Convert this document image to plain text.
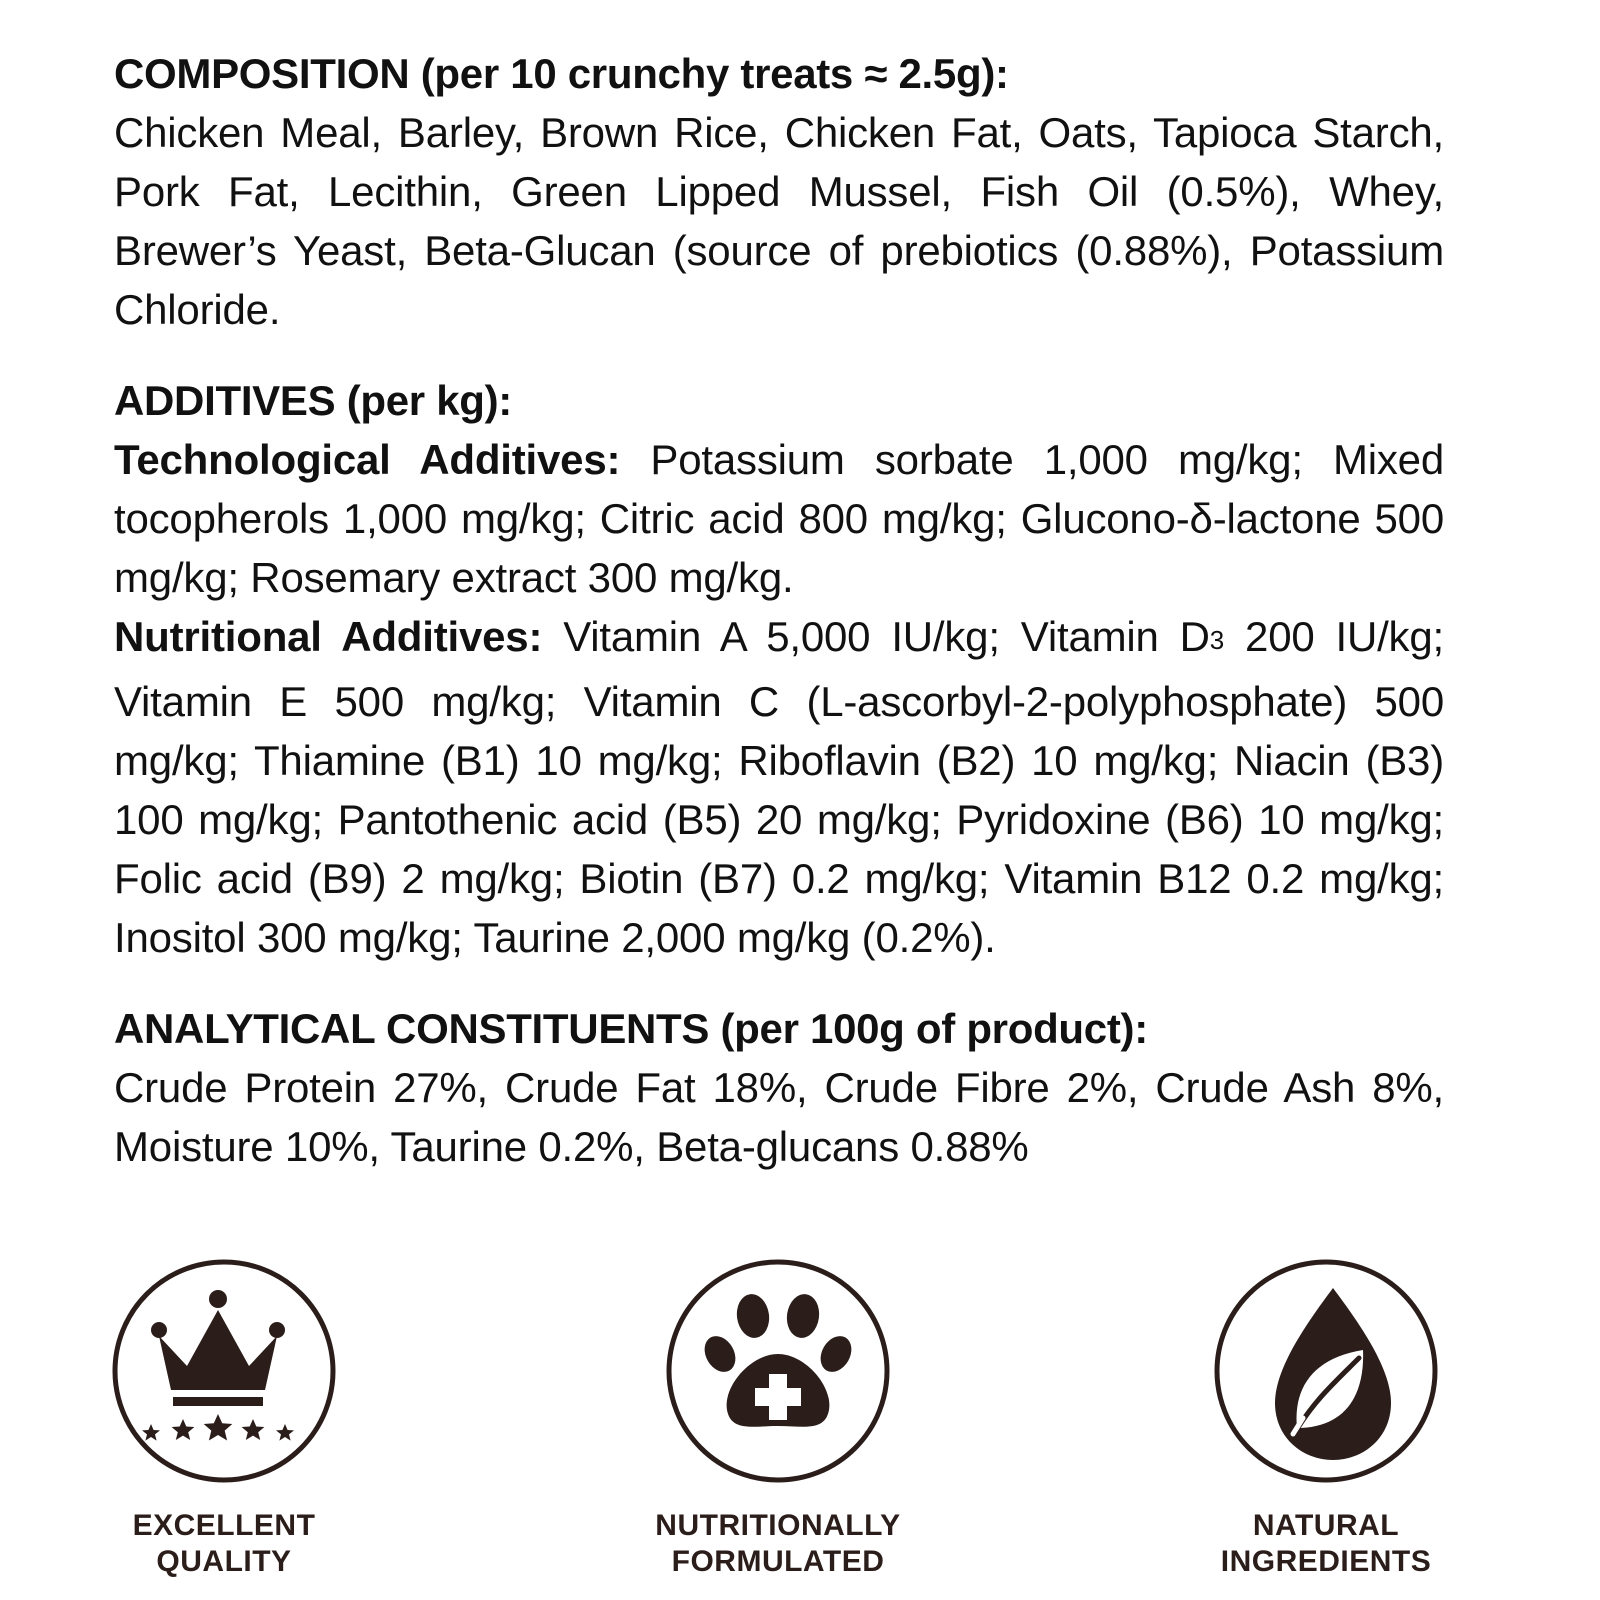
COMPOSITION (per 10 crunchy treats ≈ 2.5g):

Chicken Meal, Barley, Brown Rice, Chicken Fat, Oats, Tapioca Starch, Pork Fat, Lecithin, Green Lipped Mussel, Fish Oil (0.5%), Whey, Brewer’s Yeast, Beta-Glucan (source of prebiotics (0.88%), Potassium Chloride.

ADDITIVES (per kg):

Technological Additives: Potassium sorbate 1,000 mg/kg; Mixed tocopherols 1,000 mg/kg; Citric acid 800 mg/kg; Glucono-δ-lactone 500 mg/kg; Rosemary extract 300 mg/kg.

Nutritional Additives: Vitamin A 5,000 IU/kg; Vitamin $D_3$ 200 IU/kg; Vitamin E 500 mg/kg; Vitamin C (L-ascorbyl-2-polyphosphate) 500 mg/kg; Thiamine (B1) 10 mg/kg; Riboflavin (B2) 10 mg/kg; Niacin (B3) 100 mg/kg; Pantothenic acid (B5) 20 mg/kg; Pyridoxine (B6) 10 mg/kg; Folic acid (B9) 2 mg/kg; Biotin (B7) 0.2 mg/kg; Vitamin B12 0.2 mg/kg; Inositol 300 mg/kg; Taurine 2,000 mg/kg (0.2%).

ANALYTICAL CONSTITUENTS (per 100g of product):

Crude Protein 27%, Crude Fat 18%, Crude Fibre 2%, Crude Ash 8%, Moisture 10%, Taurine 0.2%, Beta-glucans 0.88%

EXCELLENT
QUALITY
NUTRITIONALLY
FORMULATED
NATURAL
INGREDIENTS
